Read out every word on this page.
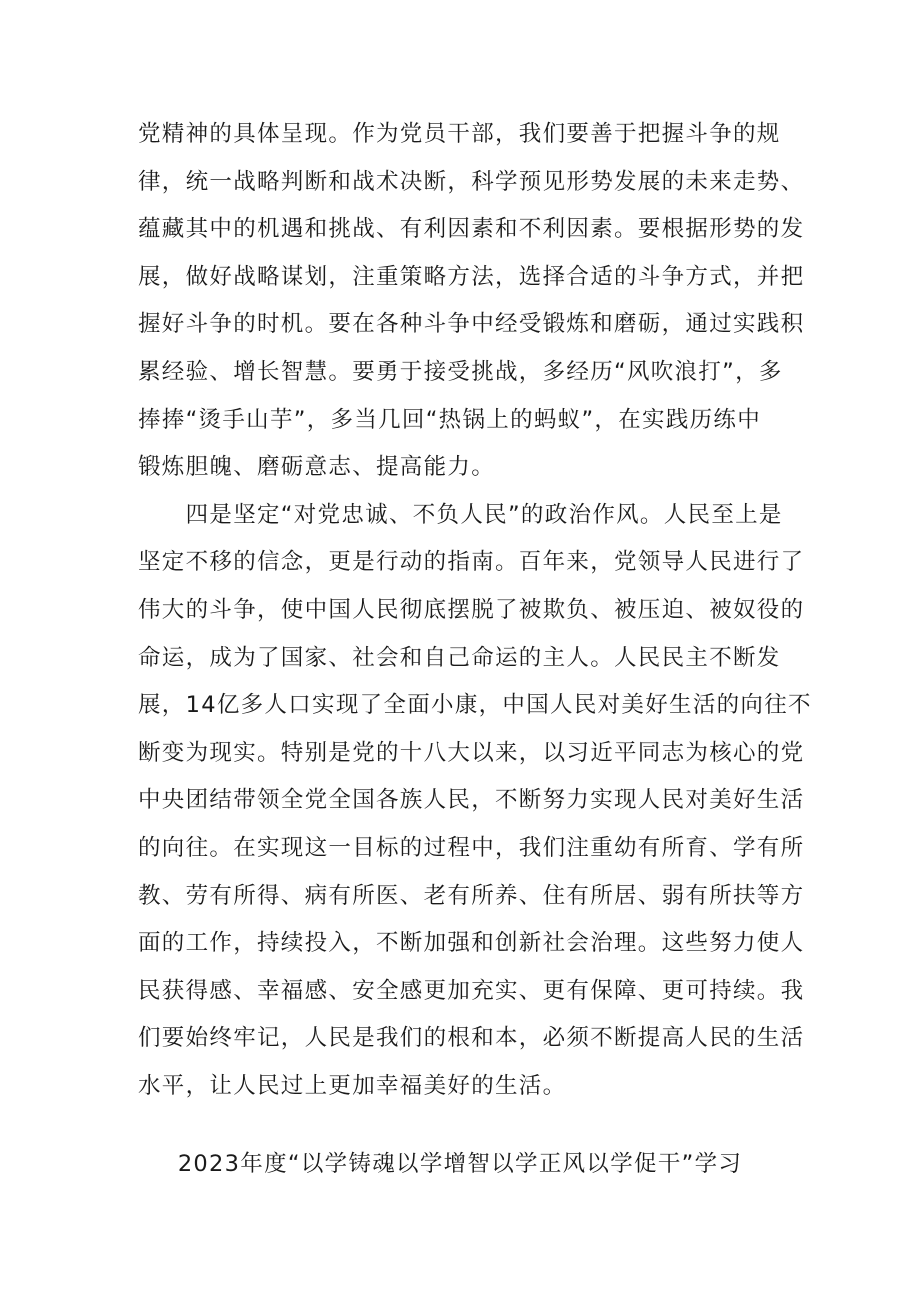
党精神的具体呈现。作为党员干部，我们要善于把握斗争的规
律，统一战略判断和战术决断，科学预见形势发展的未来走势、
蕴藏其中的机遇和挑战、有利因素和不利因素。要根据形势的发
展，做好战略谋划，注重策略方法，选择合适的斗争方式，并把
握好斗争的时机。要在各种斗争中经受锻炼和磨砺，通过实践积
累经验、增长智慧。要勇于接受挑战，多经历“风吹浪打”，多
捧捧“烫手山芋”，多当几回“热锅上的蚂蚁”，在实践历练中
锻炼胆魄、磨砺意志、提高能力。
　　四是坚定“对党忠诚、不负人民”的政治作风。人民至上是
坚定不移的信念，更是行动的指南。百年来，党领导人民进行了
伟大的斗争，使中国人民彻底摆脱了被欺负、被压迫、被奴役的
命运，成为了国家、社会和自己命运的主人。人民民主不断发
展，14亿多人口实现了全面小康，中国人民对美好生活的向往不
断变为现实。特别是党的十八大以来，以习近平同志为核心的党
中央团结带领全党全国各族人民，不断努力实现人民对美好生活
的向往。在实现这一目标的过程中，我们注重幼有所育、学有所
教、劳有所得、病有所医、老有所养、住有所居、弱有所扶等方
面的工作，持续投入，不断加强和创新社会治理。这些努力使人
民获得感、幸福感、安全感更加充实、更有保障、更可持续。我
们要始终牢记，人民是我们的根和本，必须不断提高人民的生活
水平，让人民过上更加幸福美好的生活。
2023年度“以学铸魂以学增智以学正风以学促干”学习
